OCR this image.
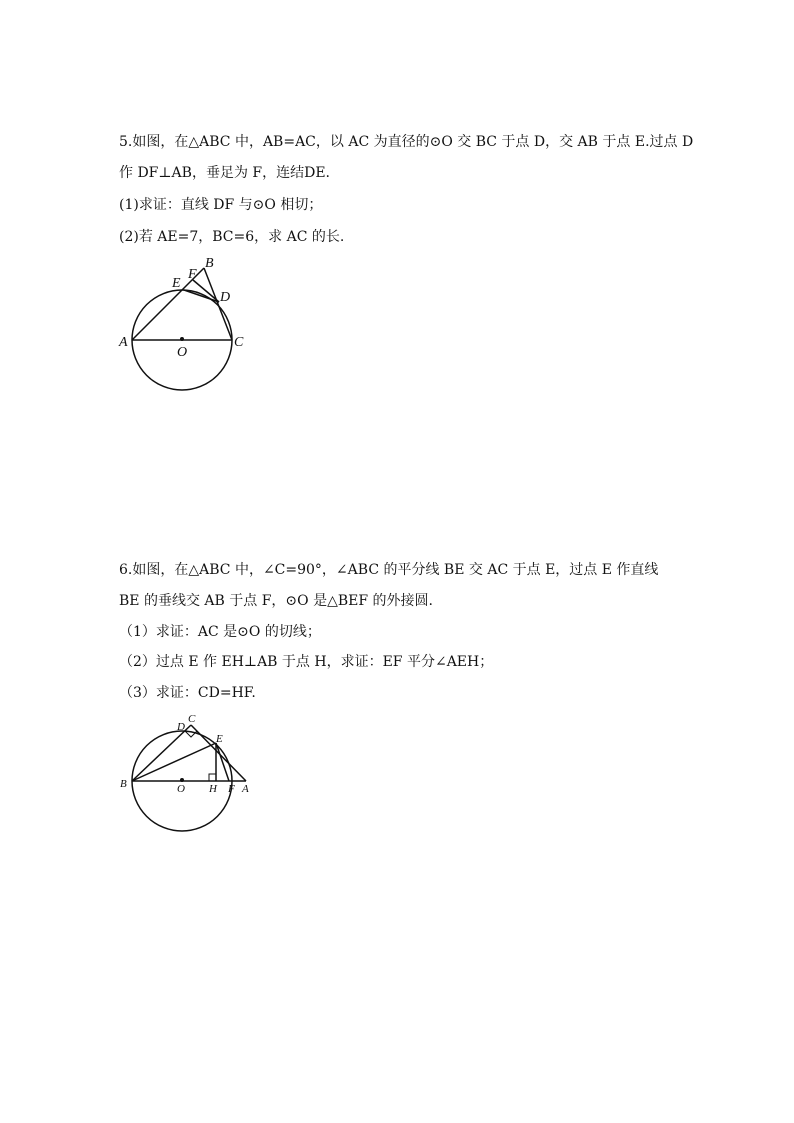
5.如图，在△ABC 中，AB=AC，以 AC 为直径的⊙O 交 BC 于点 D，交 AB 于点 E.过点 D
作 DF⊥AB，垂足为 F，连结DE.
(1)求证：直线 DF 与⊙O 相切；
(2)若 AE=7，BC=6，求 AC 的长.
A
O
C
E
F
B
D
6.如图，在△ABC 中，∠C=90°，∠ABC 的平分线 BE 交 AC 于点 E，过点 E 作直线
BE 的垂线交 AB 于点 F，⊙O 是△BEF 的外接圆.
（1）求证：AC 是⊙O 的切线；
（2）过点 E 作 EH⊥AB 于点 H，求证：EF 平分∠AEH；
（3）求证：CD=HF.
B	O H F A
E
D
C
